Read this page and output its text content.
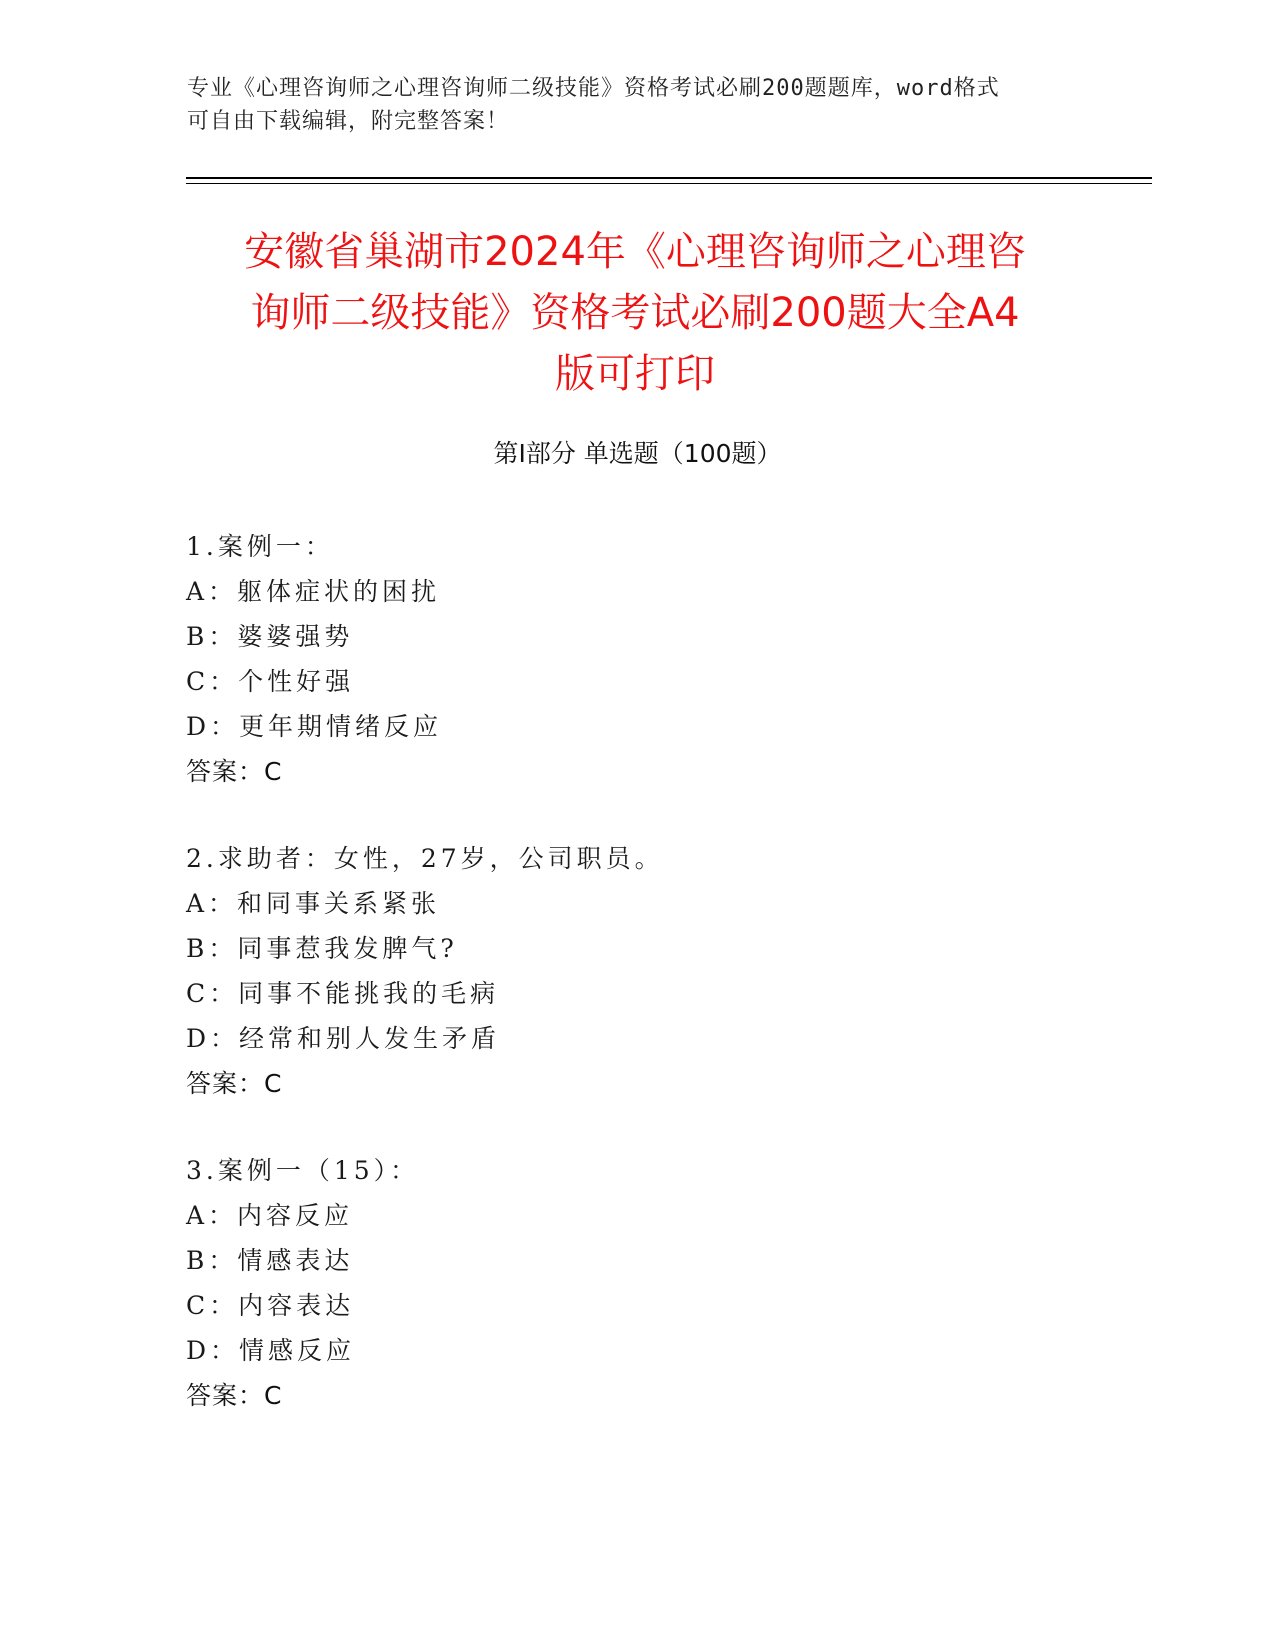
专业《心理咨询师之心理咨询师二级技能》资格考试必刷200题题库，word格式
可自由下载编辑，附完整答案！
安徽省巢湖市2024年《心理咨询师之心理咨
询师二级技能》资格考试必刷200题大全A4
版可打印
第Ⅰ部分 单选题（100题）
1.案例一：
A：躯体症状的困扰
B：婆婆强势
C：个性好强
D：更年期情绪反应
答案：C
2.求助者：女性，27岁，公司职员。
A：和同事关系紧张
B：同事惹我发脾气?
C：同事不能挑我的毛病
D：经常和别人发生矛盾
答案：C
3.案例一（15）：
A：内容反应
B：情感表达
C：内容表达
D：情感反应
答案：C
